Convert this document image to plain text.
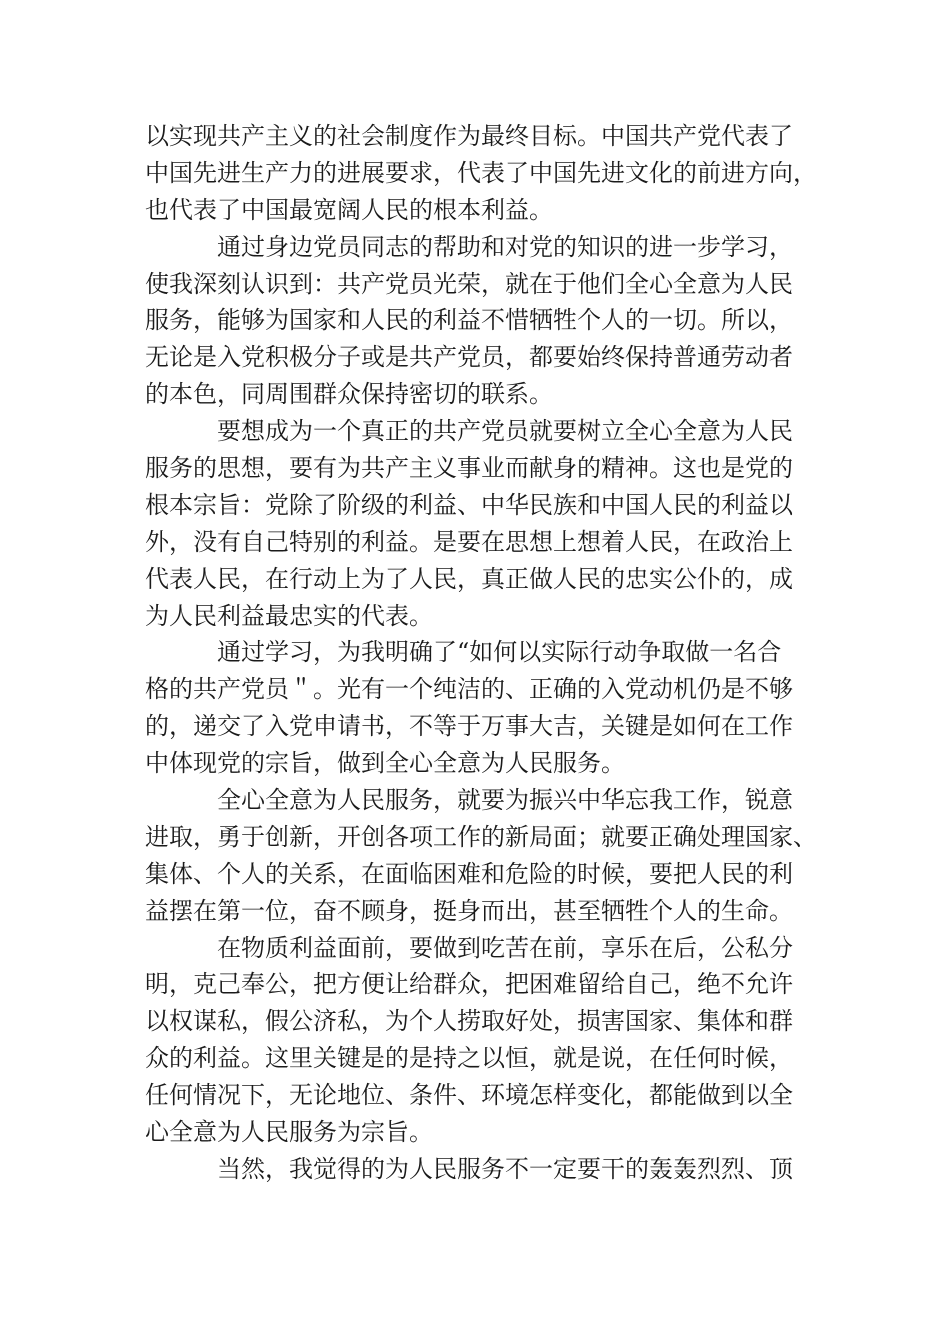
以实现共产主义的社会制度作为最终目标。中国共产党代表了
中国先进生产力的进展要求，代表了中国先进文化的前进方向，
也代表了中国最宽阔人民的根本利益。
通过身边党员同志的帮助和对党的知识的进一步学习，
使我深刻认识到：共产党员光荣，就在于他们全心全意为人民
服务，能够为国家和人民的利益不惜牺牲个人的一切。所以，
无论是入党积极分子或是共产党员，都要始终保持普通劳动者
的本色，同周围群众保持密切的联系。
要想成为一个真正的共产党员就要树立全心全意为人民
服务的思想，要有为共产主义事业而献身的精神。这也是党的
根本宗旨：党除了阶级的利益、中华民族和中国人民的利益以
外，没有自己特别的利益。是要在思想上想着人民，在政治上
代表人民，在行动上为了人民，真正做人民的忠实公仆的，成
为人民利益最忠实的代表。
通过学习，为我明确了“如何以实际行动争取做一名合
格的共产党员＂。光有一个纯洁的、正确的入党动机仍是不够
的，递交了入党申请书，不等于万事大吉，关键是如何在工作
中体现党的宗旨，做到全心全意为人民服务。
全心全意为人民服务，就要为振兴中华忘我工作，锐意
进取，勇于创新，开创各项工作的新局面；就要正确处理国家、
集体、个人的关系，在面临困难和危险的时候，要把人民的利
益摆在第一位，奋不顾身，挺身而出，甚至牺牲个人的生命。
在物质利益面前，要做到吃苦在前，享乐在后，公私分
明，克己奉公，把方便让给群众，把困难留给自己，绝不允许
以权谋私，假公济私，为个人捞取好处，损害国家、集体和群
众的利益。这里关键是的是持之以恒，就是说，在任何时候，
任何情况下，无论地位、条件、环境怎样变化，都能做到以全
心全意为人民服务为宗旨。
当然，我觉得的为人民服务不一定要干的轰轰烈烈、顶
